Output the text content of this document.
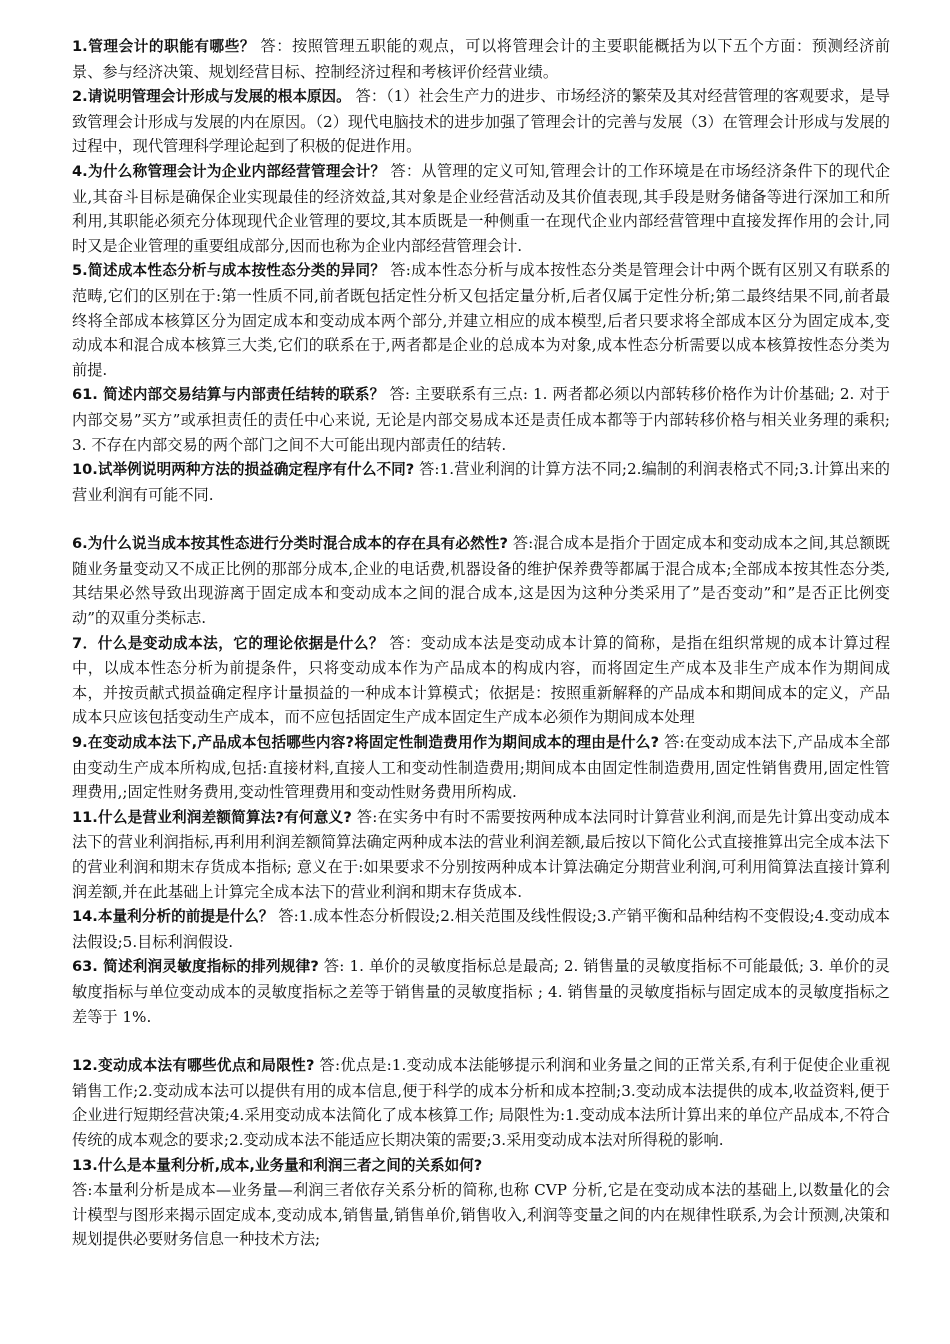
1.管理会计的职能有哪些？ 答：按照管理五职能的观点，可以将管理会计的主要职能概括为以下五个方面：预测经济前景、参与经济决策、规划经营目标、控制经济过程和考核评价经营业绩。

2.请说明管理会计形成与发展的根本原因。 答：（1）社会生产力的进步、市场经济的繁荣及其对经营管理的客观要求，是导致管理会计形成与发展的内在原因。（2）现代电脑技术的进步加强了管理会计的完善与发展（3）在管理会计形成与发展的过程中，现代管理科学理论起到了积极的促进作用。

4.为什么称管理会计为企业内部经营管理会计？ 答：从管理的定义可知,管理会计的工作环境是在市场经济条件下的现代企业,其奋斗目标是确保企业实现最佳的经济效益,其对象是企业经营活动及其价值表现,其手段是财务储备等进行深加工和所利用,其职能必须充分体现现代企业管理的要坟,其本质既是一种侧重一在现代企业内部经营管理中直接发挥作用的会计,同时又是企业管理的重要组成部分,因而也称为企业内部经营管理会计.

5.简述成本性态分析与成本按性态分类的异同？ 答:成本性态分析与成本按性态分类是管理会计中两个既有区别又有联系的范畴,它们的区别在于:第一性质不同,前者既包括定性分析又包括定量分析,后者仅属于定性分析;第二最终结果不同,前者最终将全部成本核算区分为固定成本和变动成本两个部分,并建立相应的成本模型,后者只要求将全部成本区分为固定成本,变动成本和混合成本核算三大类,它们的联系在于,两者都是企业的总成本为对象,成本性态分析需要以成本核算按性态分类为前提.

61. 简述内部交易结算与内部责任结转的联系？ 答: 主要联系有三点: 1. 两者都必须以内部转移价格作为计价基础; 2. 对于内部交易”买方”或承担责任的责任中心来说, 无论是内部交易成本还是责任成本都等于内部转移价格与相关业务理的乘积; 3. 不存在内部交易的两个部门之间不大可能出现内部责任的结转.

10.试举例说明两种方法的损益确定程序有什么不同? 答:1.营业利润的计算方法不同;2.编制的利润表格式不同;3.计算出来的营业利润有可能不同.

6.为什么说当成本按其性态进行分类时混合成本的存在具有必然性? 答:混合成本是指介于固定成本和变动成本之间,其总额既随业务量变动又不成正比例的那部分成本,企业的电话费,机器设备的维护保养费等都属于混合成本;全部成本按其性态分类,其结果必然导致出现游离于固定成本和变动成本之间的混合成本,这是因为这种分类采用了”是否变动”和”是否正比例变动”的双重分类标志.

7．什么是变动成本法，它的理论依据是什么？ 答：变动成本法是变动成本计算的简称，是指在组织常规的成本计算过程中，以成本性态分析为前提条件，只将变动成本作为产品成本的构成内容，而将固定生产成本及非生产成本作为期间成本，并按贡献式损益确定程序计量损益的一种成本计算模式；依据是：按照重新解释的产品成本和期间成本的定义，产品成本只应该包括变动生产成本，而不应包括固定生产成本固定生产成本必须作为期间成本处理

9.在变动成本法下,产品成本包括哪些内容?将固定性制造费用作为期间成本的理由是什么? 答:在变动成本法下,产品成本全部由变动生产成本所构成,包括:直接材料,直接人工和变动性制造费用;期间成本由固定性制造费用,固定性销售费用,固定性管理费用,;固定性财务费用,变动性管理费用和变动性财务费用所构成.

11.什么是营业利润差额简算法?有何意义? 答:在实务中有时不需要按两种成本法同时计算营业利润,而是先计算出变动成本法下的营业利润指标,再利用利润差额简算法确定两种成本法的营业利润差额,最后按以下简化公式直接推算出完全成本法下的营业利润和期末存货成本指标; 意义在于:如果要求不分别按两种成本计算法确定分期营业利润,可利用简算法直接计算利润差额,并在此基础上计算完全成本法下的营业利润和期末存货成本.

14.本量利分析的前提是什么？ 答:1.成本性态分析假设;2.相关范围及线性假设;3.产销平衡和品种结构不变假设;4.变动成本法假设;5.目标利润假设.

63. 简述利润灵敏度指标的排列规律? 答: 1. 单价的灵敏度指标总是最高; 2. 销售量的灵敏度指标不可能最低; 3. 单价的灵敏度指标与单位变动成本的灵敏度指标之差等于销售量的灵敏度指标 ; 4. 销售量的灵敏度指标与固定成本的灵敏度指标之差等于 1%.

12.变动成本法有哪些优点和局限性? 答:优点是:1.变动成本法能够提示利润和业务量之间的正常关系,有利于促使企业重视销售工作;2.变动成本法可以提供有用的成本信息,便于科学的成本分析和成本控制;3.变动成本法提供的成本,收益资料,便于企业进行短期经营决策;4.采用变动成本法简化了成本核算工作; 局限性为:1.变动成本法所计算出来的单位产品成本,不符合传统的成本观念的要求;2.变动成本法不能适应长期决策的需要;3.采用变动成本法对所得税的影响.

13.什么是本量利分析,成本,业务量和利润三者之间的关系如何?
答:本量利分析是成本—业务量—利润三者依存关系分析的简称,也称 CVP 分析,它是在变动成本法的基础上,以数量化的会计模型与图形来揭示固定成本,变动成本,销售量,销售单价,销售收入,利润等变量之间的内在规律性联系,为会计预测,决策和规划提供必要财务信息一种技术方法;
